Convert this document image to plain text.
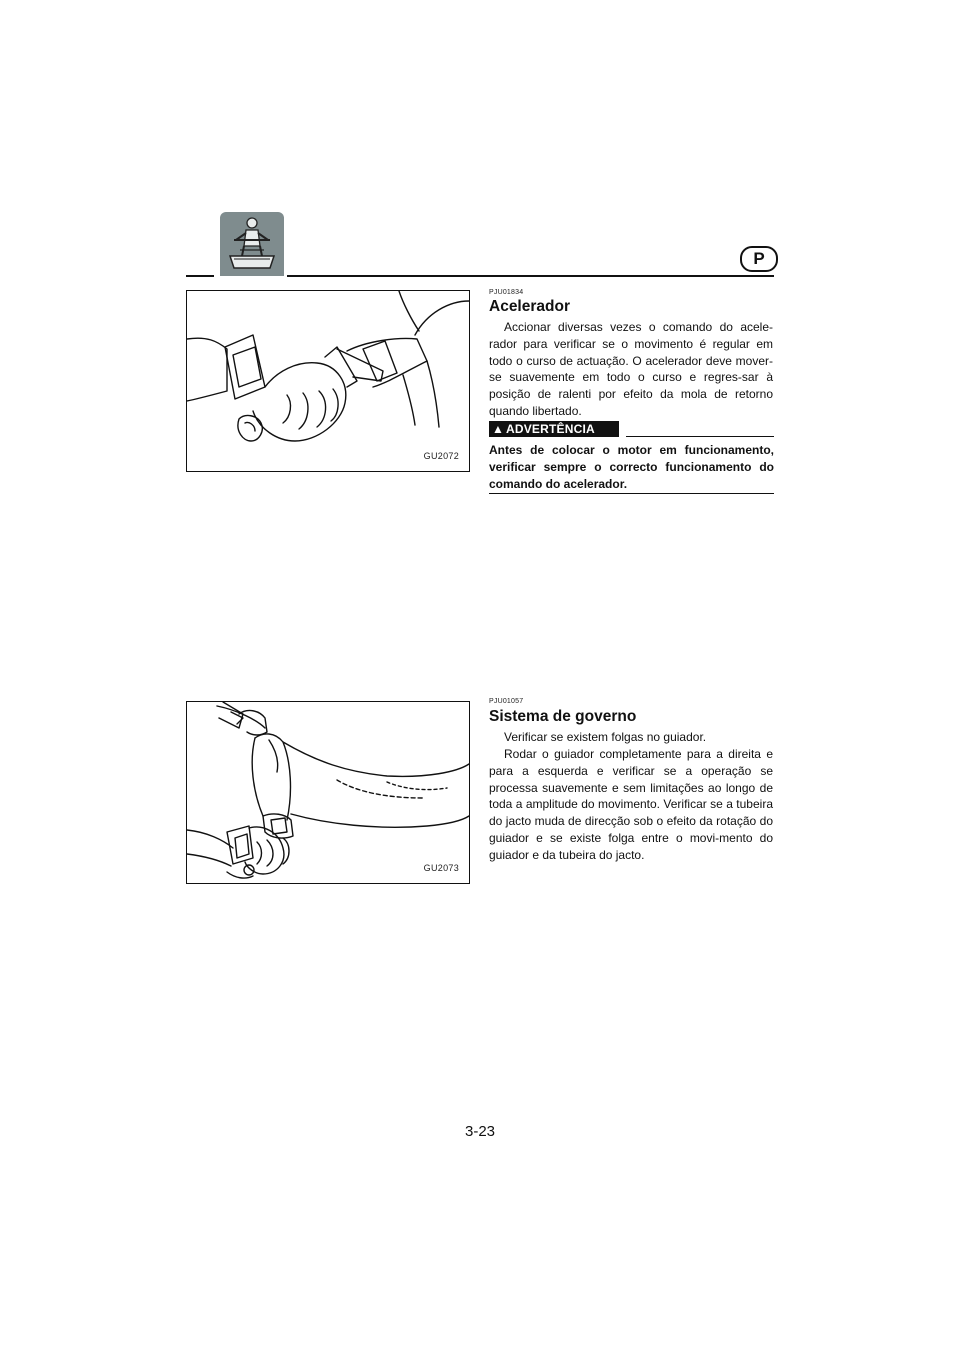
P
GU2072
PJU01834
Acelerador

Accionar diversas vezes o comando do acele-rador para verificar se o movimento é regular em todo o curso de actuação. O acelerador deve mover-se suavemente em todo o curso e regres-sar à posição de ralenti por efeito da mola de retorno quando libertado.

▲ ADVERTÊNCIA

Antes de colocar o motor em funcionamento, verificar sempre o correcto funcionamento do comando do acelerador.

GU2073
PJU01057
Sistema de governo

Verificar se existem folgas no guiador.

Rodar o guiador completamente para a direita e para a esquerda e verificar se a operação se processa suavemente e sem limitações ao longo de toda a amplitude do movimento. Verificar se a tubeira do jacto muda de direcção sob o efeito da rotação do guiador e se existe folga entre o movi-mento do guiador e da tubeira do jacto.

3-23
